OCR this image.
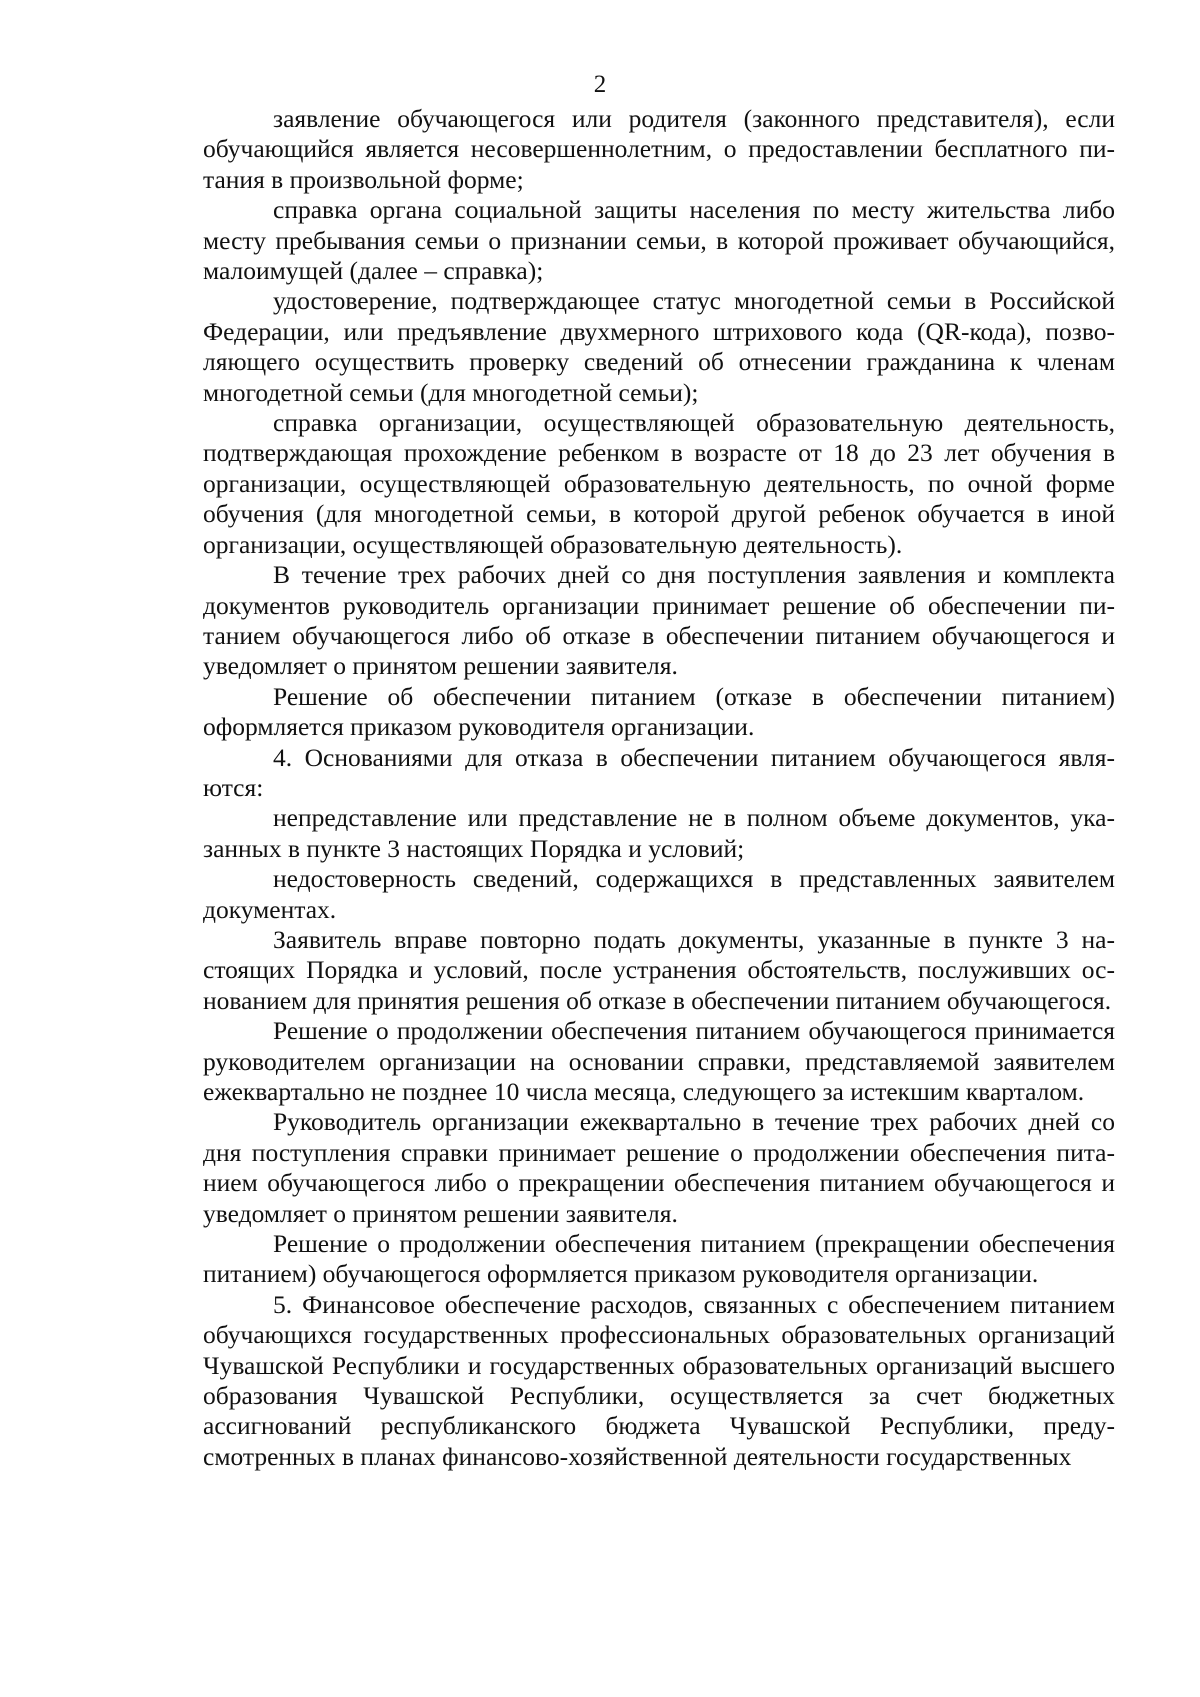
2

заявление обучающегося или родителя (законного представителя), если обучающийся является несовершеннолетним, о предоставлении бесплатного питания в произвольной форме;

справка органа социальной защиты населения по месту жительства либо месту пребывания семьи о признании семьи, в которой проживает обучающийся, малоимущей (далее – справка);

удостоверение, подтверждающее статус многодетной семьи в Российской Федерации, или предъявление двухмерного штрихового кода (QR-кода), позволяющего осуществить проверку сведений об отнесении гражданина к членам многодетной семьи (для многодетной семьи);

справка организации, осуществляющей образовательную деятельность, подтверждающая прохождение ребенком в возрасте от 18 до 23 лет обучения в организации, осуществляющей образовательную деятельность, по очной форме обучения (для многодетной семьи, в которой другой ребенок обучается в иной организации, осуществляющей образовательную деятельность).

В течение трех рабочих дней со дня поступления заявления и комплекта документов руководитель организации принимает решение об обеспечении питанием обучающегося либо об отказе в обеспечении питанием обучающегося и уведомляет о принятом решении заявителя.

Решение об обеспечении питанием (отказе в обеспечении питанием) оформляется приказом руководителя организации.

4. Основаниями для отказа в обеспечении питанием обучающегося являются:

непредставление или представление не в полном объеме документов, указанных в пункте 3 настоящих Порядка и условий;

недостоверность сведений, содержащихся в представленных заявителем документах.

Заявитель вправе повторно подать документы, указанные в пункте 3 настоящих Порядка и условий, после устранения обстоятельств, послуживших основанием для принятия решения об отказе в обеспечении питанием обучающегося.

Решение о продолжении обеспечения питанием обучающегося принимается руководителем организации на основании справки, представляемой заявителем ежеквартально не позднее 10 числа месяца, следующего за истекшим кварталом.

Руководитель организации ежеквартально в течение трех рабочих дней со дня поступления справки принимает решение о продолжении обеспечения питанием обучающегося либо о прекращении обеспечения питанием обучающегося и уведомляет о принятом решении заявителя.

Решение о продолжении обеспечения питанием (прекращении обеспечения питанием) обучающегося оформляется приказом руководителя организации.

5. Финансовое обеспечение расходов, связанных с обеспечением питанием обучающихся государственных профессиональных образовательных организаций Чувашской Республики и государственных образовательных организаций высшего образования Чувашской Республики, осуществляется за счет бюджетных ассигнований республиканского бюджета Чувашской Республики, предусмотренных в планах финансово-хозяйственной деятельности государственных
